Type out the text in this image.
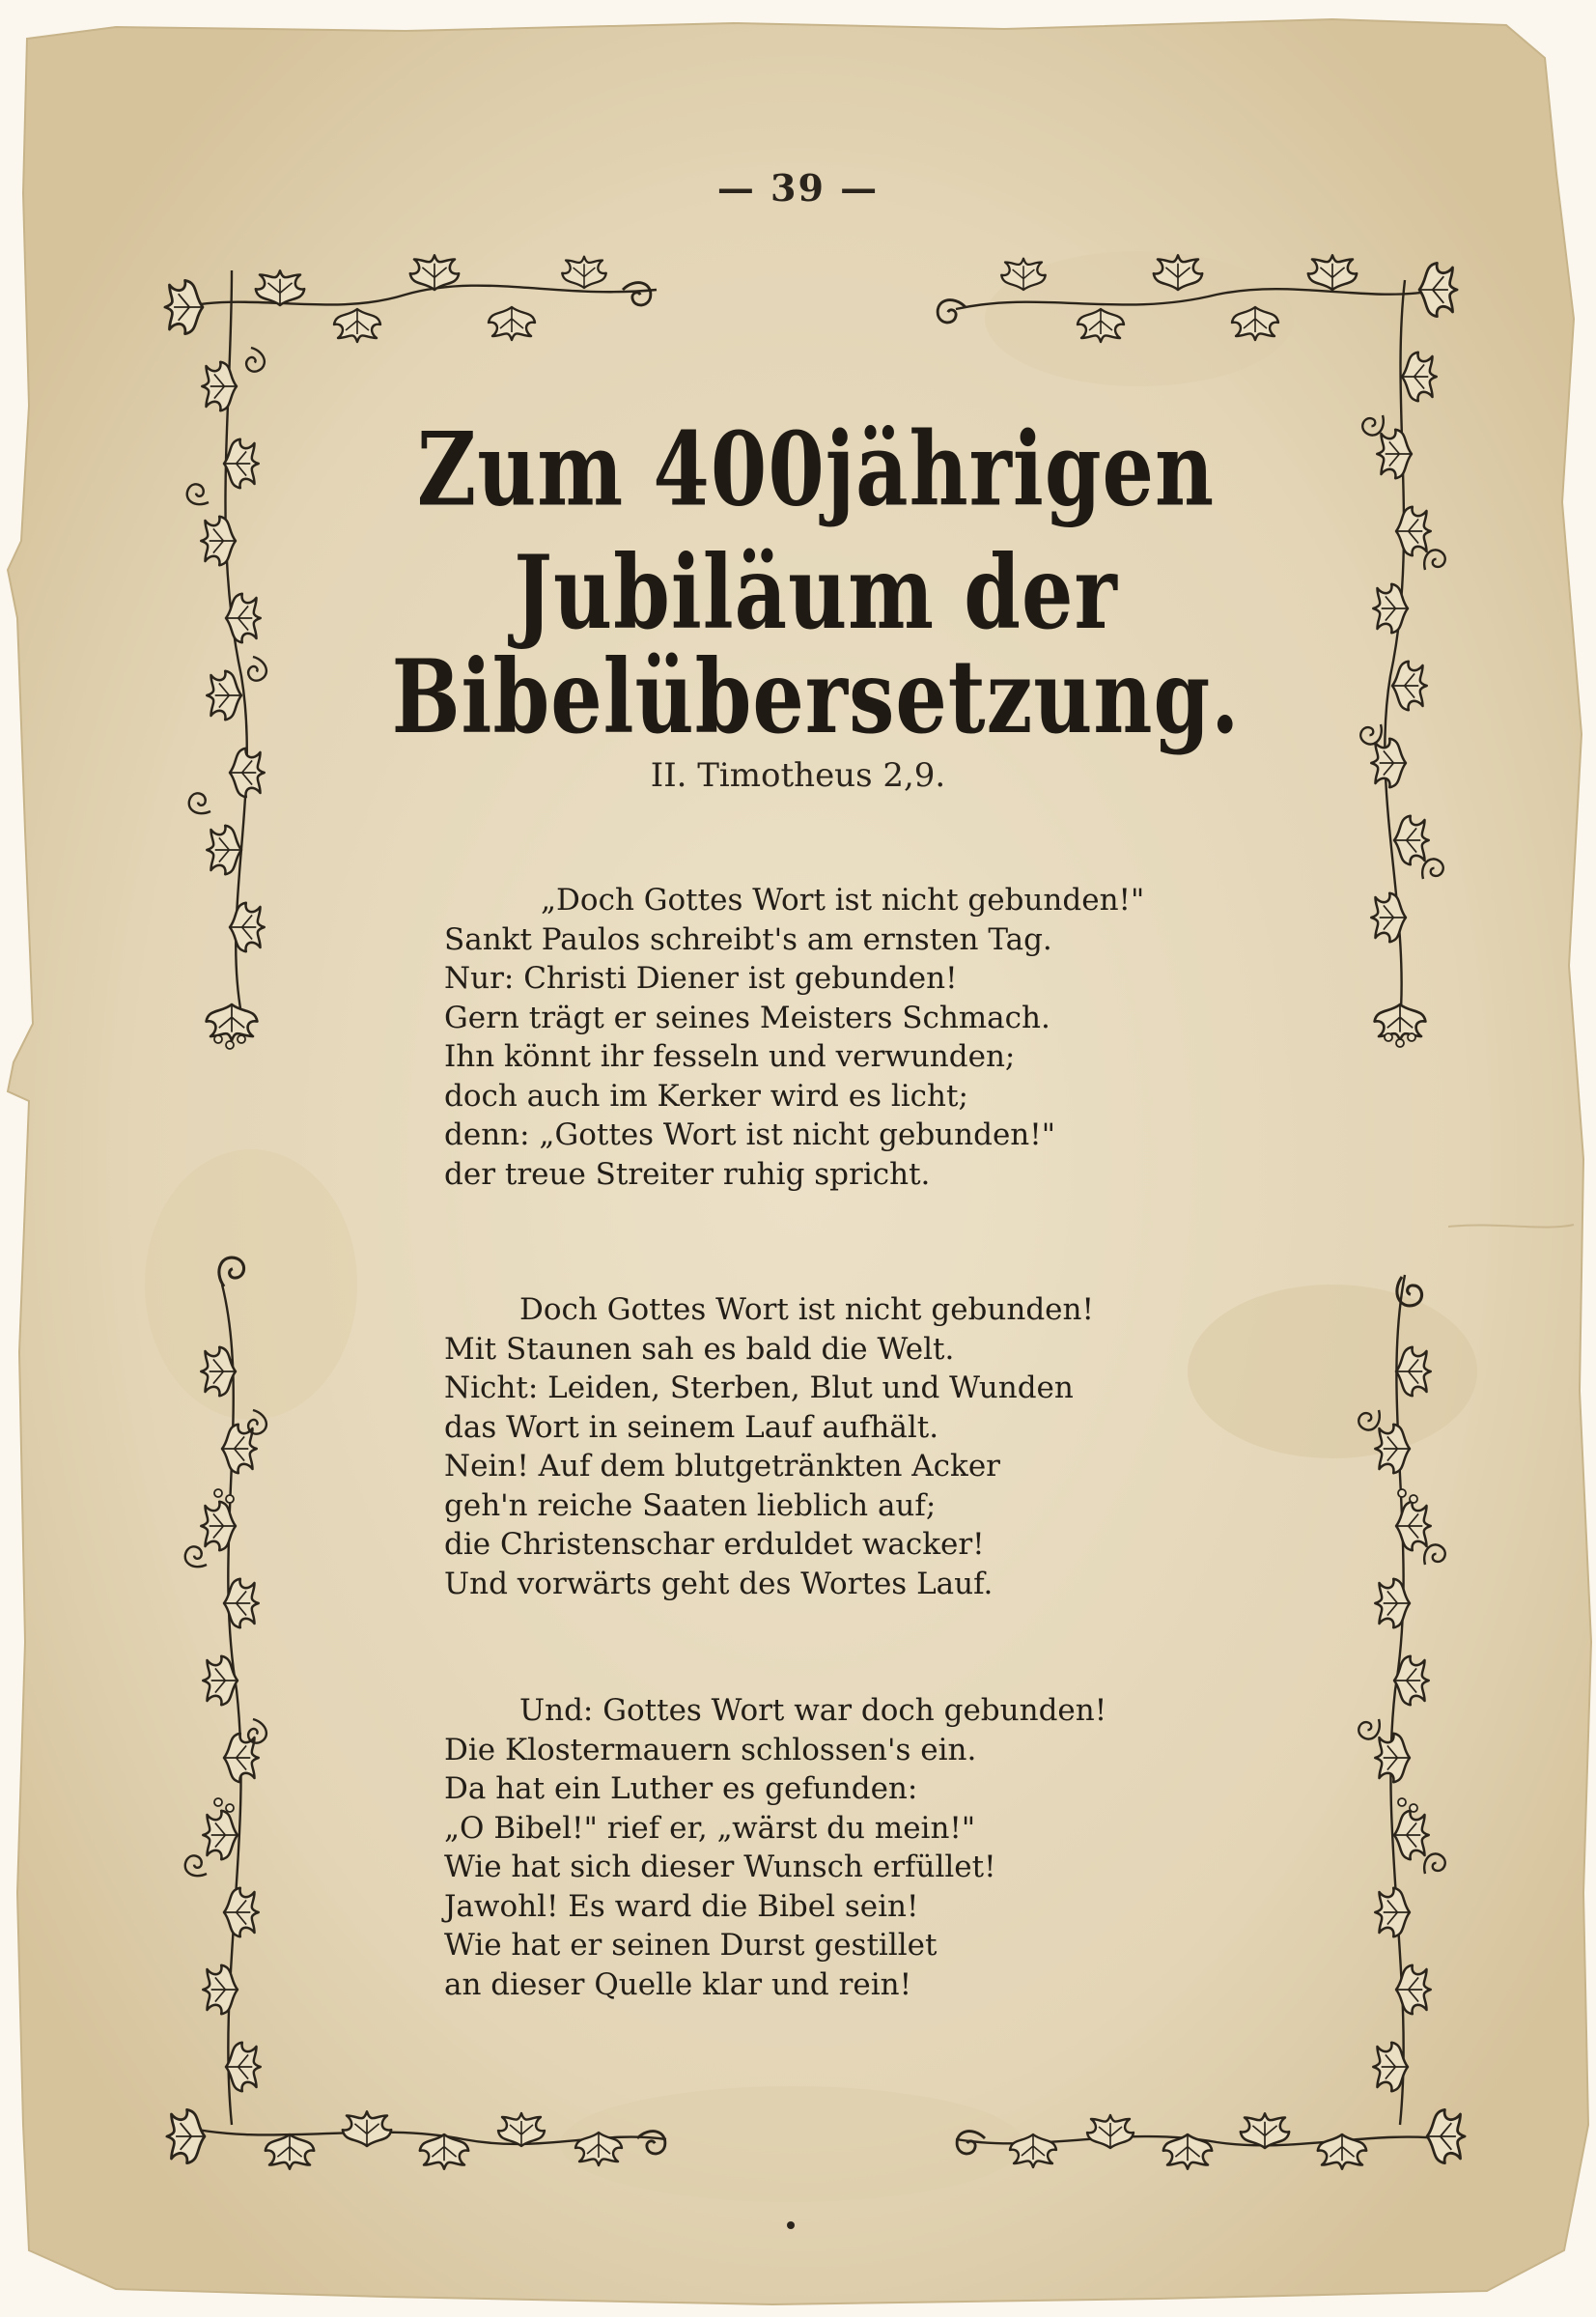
— 39 —
Zum 400jährigen Jubiläum der
Bibelübersetzung.
II. Timotheus 2,9.
„Doch Gottes Wort ist nicht gebunden!"
Sankt Paulos schreibt's am ernsten Tag.
Nur: Christi Diener ist gebunden!
Gern trägt er seines Meisters Schmach.
Ihn könnt ihr fesseln und verwunden;
doch auch im Kerker wird es licht;
denn: „Gottes Wort ist nicht gebunden!"
der treue Streiter ruhig spricht.
Doch Gottes Wort ist nicht gebunden!
Mit Staunen sah es bald die Welt.
Nicht: Leiden, Sterben, Blut und Wunden
das Wort in seinem Lauf aufhält.
Nein! Auf dem blutgetränkten Acker
geh'n reiche Saaten lieblich auf;
die Christenschar erduldet wacker!
Und vorwärts geht des Wortes Lauf.
Und: Gottes Wort war doch gebunden!
Die Klostermauern schlossen's ein.
Da hat ein Luther es gefunden:
„O Bibel!" rief er, „wärst du mein!"
Wie hat sich dieser Wunsch erfüllet!
Jawohl! Es ward die Bibel sein!
Wie hat er seinen Durst gestillet
an dieser Quelle klar und rein!
